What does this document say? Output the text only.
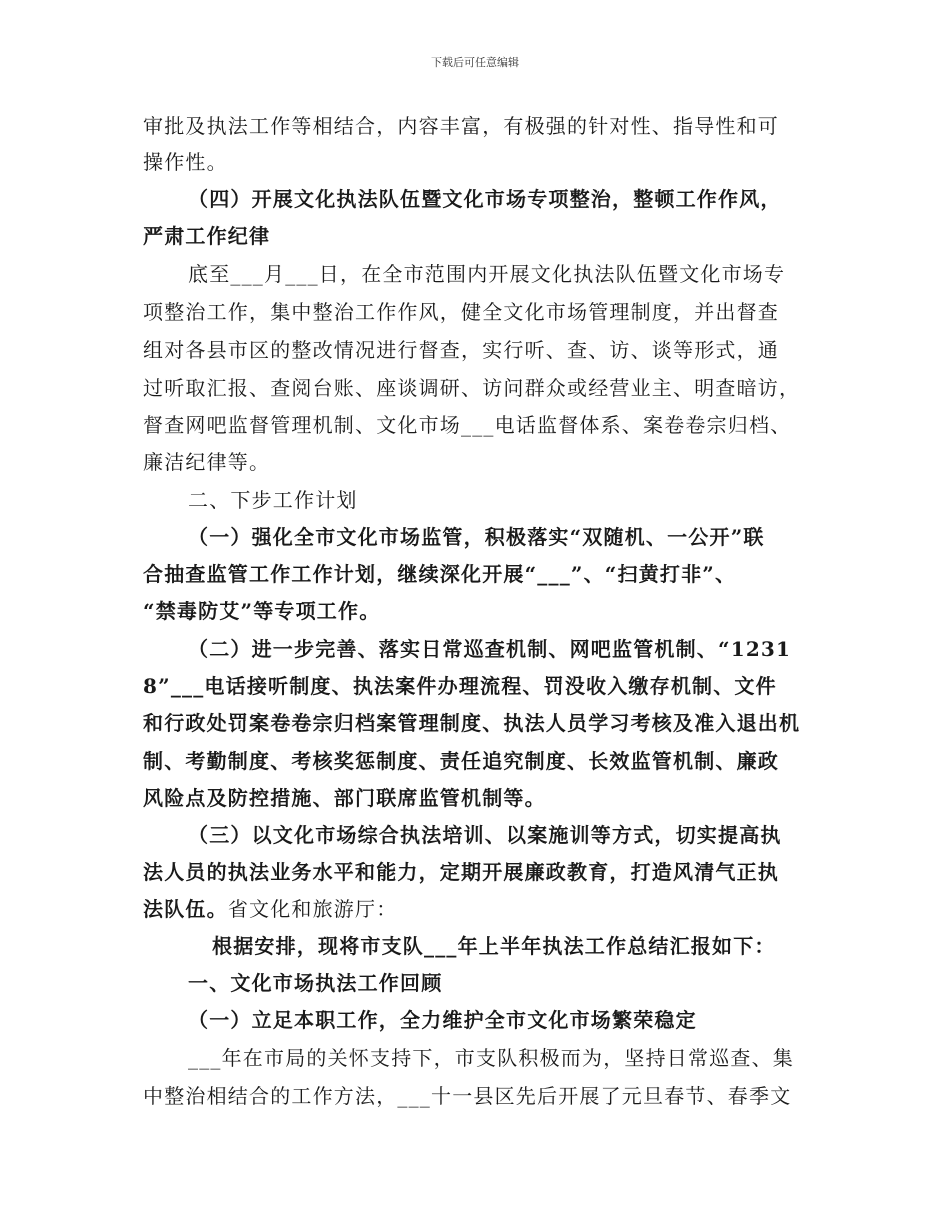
下载后可任意编辑
审批及执法工作等相结合，内容丰富，有极强的针对性、指导性和可
操作性。
（四）开展文化执法队伍暨文化市场专项整治，整顿工作作风，
严肃工作纪律
底至___月___日，在全市范围内开展文化执法队伍暨文化市场专
项整治工作，集中整治工作作风，健全文化市场管理制度，并出督查
组对各县市区的整改情况进行督查，实行听、查、访、谈等形式，通
过听取汇报、查阅台账、座谈调研、访问群众或经营业主、明查暗访，
督查网吧监督管理机制、文化市场___电话监督体系、案卷卷宗归档、
廉洁纪律等。
二、下步工作计划
（一）强化全市文化市场监管，积极落实“双随机、一公开”联
合抽查监管工作工作计划，继续深化开展“___”、“扫黄打非”、
“禁毒防艾”等专项工作。
（二）进一步完善、落实日常巡查机制、网吧监管机制、“1231
8”___电话接听制度、执法案件办理流程、罚没收入缴存机制、文件
和行政处罚案卷卷宗归档案管理制度、执法人员学习考核及准入退出机
制、考勤制度、考核奖惩制度、责任追究制度、长效监管机制、廉政
风险点及防控措施、部门联席监管机制等。
（三）以文化市场综合执法培训、以案施训等方式，切实提高执
法人员的执法业务水平和能力，定期开展廉政教育，打造风清气正执
法队伍。省文化和旅游厅：
根据安排，现将市支队___年上半年执法工作总结汇报如下：
一、文化市场执法工作回顾
（一）立足本职工作，全力维护全市文化市场繁荣稳定
___年在市局的关怀支持下，市支队积极而为，坚持日常巡查、集
中整治相结合的工作方法，___十一县区先后开展了元旦春节、春季文
